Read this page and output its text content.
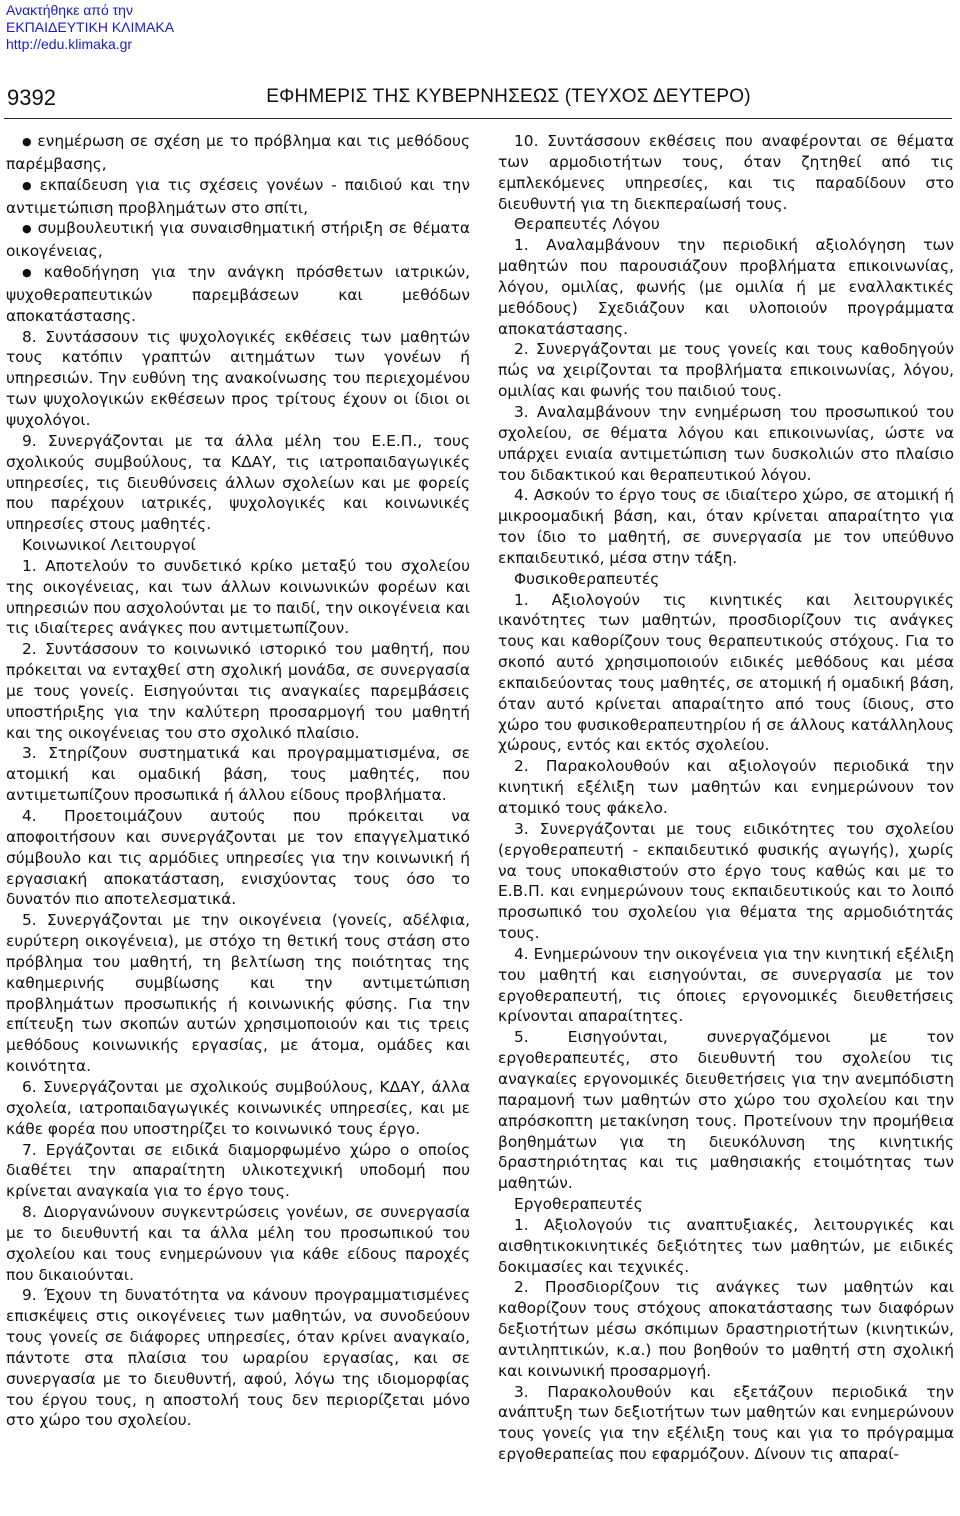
Ανακτήθηκε από την
ΕΚΠΑΙΔΕΥΤΙΚΗ ΚΛΙΜΑΚΑ
http://edu.klimaka.gr
9392	ΕΦΗΜΕΡΙΣ ΤΗΣ ΚΥΒΕΡΝΗΣΕΩΣ (ΤΕΥΧΟΣ ΔΕΥΤΕΡΟ)

● ενημέρωση σε σχέση με το πρόβλημα και τις μεθόδους παρέμβασης,

● εκπαίδευση για τις σχέσεις γονέων - παιδιού και την αντιμετώπιση προβλημάτων στο σπίτι,

● συμβουλευτική για συναισθηματική στήριξη σε θέματα οικογένειας,

● καθοδήγηση για την ανάγκη πρόσθετων ιατρικών, ψυχοθεραπευτικών παρεμβάσεων και μεθόδων αποκατάστασης.

8. Συντάσσουν τις ψυχολογικές εκθέσεις των μαθητών τους κατόπιν γραπτών αιτημάτων των γονέων ή υπηρεσιών. Την ευθύνη της ανακοίνωσης του περιεχομένου των ψυχολογικών εκθέσεων προς τρίτους έχουν οι ίδιοι οι ψυχολόγοι.

9. Συνεργάζονται με τα άλλα μέλη του Ε.Ε.Π., τους σχολικούς συμβούλους, τα ΚΔΑΥ, τις ιατροπαιδαγωγικές υπηρεσίες, τις διευθύνσεις άλλων σχολείων και με φορείς που παρέχουν ιατρικές, ψυχολογικές και κοινωνικές υπηρεσίες στους μαθητές.

Κοινωνικοί Λειτουργοί

1. Αποτελούν το συνδετικό κρίκο μεταξύ του σχολείου της οικογένειας, και των άλλων κοινωνικών φορέων και υπηρεσιών που ασχολούνται με το παιδί, την οικογένεια και τις ιδιαίτερες ανάγκες που αντιμετωπίζουν.

2. Συντάσσουν το κοινωνικό ιστορικό του μαθητή, που πρόκειται να ενταχθεί στη σχολική μονάδα, σε συνεργασία με τους γονείς. Εισηγούνται τις αναγκαίες παρεμβάσεις υποστήριξης για την καλύτερη προσαρμογή του μαθητή και της οικογένειας του στο σχολικό πλαίσιο.

3. Στηρίζουν συστηματικά και προγραμματισμένα, σε ατομική και ομαδική βάση, τους μαθητές, που αντιμετωπίζουν προσωπικά ή άλλου είδους προβλήματα.

4. Προετοιμάζουν αυτούς που πρόκειται να αποφοιτήσουν και συνεργάζονται με τον επαγγελματικό σύμβουλο και τις αρμόδιες υπηρεσίες για την κοινωνική ή εργασιακή αποκατάσταση, ενισχύοντας τους όσο το δυνατόν πιο αποτελεσματικά.

5. Συνεργάζονται με την οικογένεια (γονείς, αδέλφια, ευρύτερη οικογένεια), με στόχο τη θετική τους στάση στο πρόβλημα του μαθητή, τη βελτίωση της ποιότητας της καθημερινής συμβίωσης και την αντιμετώπιση προβλημάτων προσωπικής ή κοινωνικής φύσης. Για την επίτευξη των σκοπών αυτών χρησιμοποιούν και τις τρεις μεθόδους κοινωνικής εργασίας, με άτομα, ομάδες και κοινότητα.

6. Συνεργάζονται με σχολικούς συμβούλους, ΚΔΑΥ, άλλα σχολεία, ιατροπαιδαγωγικές κοινωνικές υπηρεσίες, και με κάθε φορέα που υποστηρίζει το κοινωνικό τους έργο.

7. Εργάζονται σε ειδικά διαμορφωμένο χώρο ο οποίος διαθέτει την απαραίτητη υλικοτεχνική υποδομή που κρίνεται αναγκαία για το έργο τους.

8. Διοργανώνουν συγκεντρώσεις γονέων, σε συνεργασία με το διευθυντή και τα άλλα μέλη του προσωπικού του σχολείου και τους ενημερώνουν για κάθε είδους παροχές που δικαιούνται.

9. Έχουν τη δυνατότητα να κάνουν προγραμματισμένες επισκέψεις στις οικογένειες των μαθητών, να συνοδεύουν τους γονείς σε διάφορες υπηρεσίες, όταν κρίνει αναγκαίο, πάντοτε στα πλαίσια του ωραρίου εργασίας, και σε συνεργασία με το διευθυντή, αφού, λόγω της ιδιομορφίας του έργου τους, η αποστολή τους δεν περιορίζεται μόνο στο χώρο του σχολείου.

10. Συντάσσουν εκθέσεις που αναφέρονται σε θέματα των αρμοδιοτήτων τους, όταν ζητηθεί από τις εμπλεκόμενες υπηρεσίες, και τις παραδίδουν στο διευθυντή για τη διεκπεραίωσή τους.

Θεραπευτές Λόγου

1. Αναλαμβάνουν την περιοδική αξιολόγηση των μαθητών που παρουσιάζουν προβλήματα επικοινωνίας, λόγου, ομιλίας, φωνής (με ομιλία ή με εναλλακτικές μεθόδους) Σχεδιάζουν και υλοποιούν προγράμματα αποκατάστασης.

2. Συνεργάζονται με τους γονείς και τους καθοδηγούν πώς να χειρίζονται τα προβλήματα επικοινωνίας, λόγου, ομιλίας και φωνής του παιδιού τους.

3. Αναλαμβάνουν την ενημέρωση του προσωπικού του σχολείου, σε θέματα λόγου και επικοινωνίας, ώστε να υπάρχει ενιαία αντιμετώπιση των δυσκολιών στο πλαίσιο του διδακτικού και θεραπευτικού λόγου.

4. Ασκούν το έργο τους σε ιδιαίτερο χώρο, σε ατομική ή μικροομαδική βάση, και, όταν κρίνεται απαραίτητο για τον ίδιο το μαθητή, σε συνεργασία με τον υπεύθυνο εκπαιδευτικό, μέσα στην τάξη.

Φυσικοθεραπευτές

1. Αξιολογούν τις κινητικές και λειτουργικές ικανότητες των μαθητών, προσδιορίζουν τις ανάγκες τους και καθορίζουν τους θεραπευτικούς στόχους. Για το σκοπό αυτό χρησιμοποιούν ειδικές μεθόδους και μέσα εκπαιδεύοντας τους μαθητές, σε ατομική ή ομαδική βάση, όταν αυτό κρίνεται απαραίτητο από τους ίδιους, στο χώρο του φυσικοθεραπευτηρίου ή σε άλλους κατάλληλους χώρους, εντός και εκτός σχολείου.

2. Παρακολουθούν και αξιολογούν περιοδικά την κινητική εξέλιξη των μαθητών και ενημερώνουν τον ατομικό τους φάκελο.

3. Συνεργάζονται με τους ειδικότητες του σχολείου (εργοθεραπευτή - εκπαιδευτικό φυσικής αγωγής), χωρίς να τους υποκαθιστούν στο έργο τους καθώς και με το Ε.Β.Π. και ενημερώνουν τους εκπαιδευτικούς και το λοιπό προσωπικό του σχολείου για θέματα της αρμοδιότητάς τους.

4. Ενημερώνουν την οικογένεια για την κινητική εξέλιξη του μαθητή και εισηγούνται, σε συνεργασία με τον εργοθεραπευτή, τις όποιες εργονομικές διευθετήσεις κρίνονται απαραίτητες.

5. Εισηγούνται, συνεργαζόμενοι με τον εργοθεραπευτές, στο διευθυντή του σχολείου τις αναγκαίες εργονομικές διευθετήσεις για την ανεμπόδιστη παραμονή των μαθητών στο χώρο του σχολείου και την απρόσκοπτη μετακίνηση τους. Προτείνουν την προμήθεια βοηθημάτων για τη διευκόλυνση της κινητικής δραστηριότητας και τις μαθησιακής ετοιμότητας των μαθητών.

Εργοθεραπευτές

1. Αξιολογούν τις αναπτυξιακές, λειτουργικές και αισθητικοκινητικές δεξιότητες των μαθητών, με ειδικές δοκιμασίες και τεχνικές.

2. Προσδιορίζουν τις ανάγκες των μαθητών και καθορίζουν τους στόχους αποκατάστασης των διαφόρων δεξιοτήτων μέσω σκόπιμων δραστηριοτήτων (κινητικών, αντιληπτικών, κ.α.) που βοηθούν το μαθητή στη σχολική και κοινωνική προσαρμογή.

3. Παρακολουθούν και εξετάζουν περιοδικά την ανάπτυξη των δεξιοτήτων των μαθητών και ενημερώνουν τους γονείς για την εξέλιξη τους και για το πρόγραμμα εργοθεραπείας που εφαρμόζουν. Δίνουν τις απαραί-
